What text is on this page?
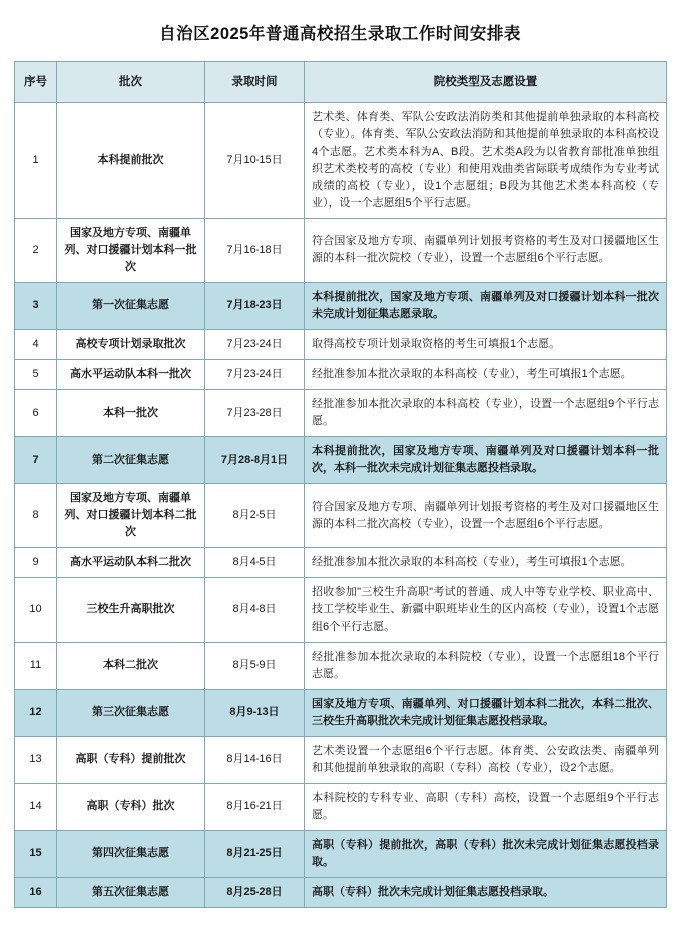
自治区2025年普通高校招生录取工作时间安排表
序号	批次	录取时间	院校类型及志愿设置
1	本科提前批次	7月10-15日	艺术类、体育类、军队公安政法消防类和其他提前单独录取的本科高校（专业）。体育类、军队公安政法消防和其他提前单独录取的本科高校设4个志愿。艺术类本科为A、B段。艺术类A段为以省教育部批准单独组织艺术类校考的高校（专业）和使用戏曲类省际联考成绩作为专业考试成绩的高校（专业），设1个志愿组；B段为其他艺术类本科高校（专业），设一个志愿组5个平行志愿。
2	国家及地方专项、南疆单列、对口援疆计划本科一批次	7月16-18日	符合国家及地方专项、南疆单列计划报考资格的考生及对口援疆地区生源的本科一批次院校（专业），设置一个志愿组6个平行志愿。
3	第一次征集志愿	7月18-23日	本科提前批次，国家及地方专项、南疆单列及对口援疆计划本科一批次未完成计划征集志愿录取。
4	高校专项计划录取批次	7月23-24日	取得高校专项计划录取资格的考生可填报1个志愿。
5	高水平运动队本科一批次	7月23-24日	经批准参加本批次录取的本科高校（专业），考生可填报1个志愿。
6	本科一批次	7月23-28日	经批准参加本批次录取的本科高校（专业），设置一个志愿组9个平行志愿。
7	第二次征集志愿	7月28-8月1日	本科提前批次，国家及地方专项、南疆单列及对口援疆计划本科一批次，本科一批次未完成计划征集志愿投档录取。
8	国家及地方专项、南疆单列、对口援疆计划本科二批次	8月2-5日	符合国家及地方专项、南疆单列计划报考资格的考生及对口援疆地区生源的本科二批次高校（专业），设置一个志愿组6个平行志愿。
9	高水平运动队本科二批次	8月4-5日	经批准参加本批次录取的本科高校（专业），考生可填报1个志愿。
10	三校生升高职批次	8月4-8日	招收参加"三校生升高职"考试的普通、成人中等专业学校、职业高中、技工学校毕业生、新疆中职班毕业生的区内高校（专业），设置1个志愿组6个平行志愿。
11	本科二批次	8月5-9日	经批准参加本批次录取的本科院校（专业），设置一个志愿组18个平行志愿。
12	第三次征集志愿	8月9-13日	国家及地方专项、南疆单列、对口援疆计划本科二批次，本科二批次、三校生升高职批次未完成计划征集志愿投档录取。
13	高职（专科）提前批次	8月14-16日	艺术类设置一个志愿组6个平行志愿。体育类、公安政法类、南疆单列和其他提前单独录取的高职（专科）高校（专业），设2个志愿。
14	高职（专科）批次	8月16-21日	本科院校的专科专业、高职（专科）高校，设置一个志愿组9个平行志愿。
15	第四次征集志愿	8月21-25日	高职（专科）提前批次，高职（专科）批次未完成计划征集志愿投档录取。
16	第五次征集志愿	8月25-28日	高职（专科）批次未完成计划征集志愿投档录取。
